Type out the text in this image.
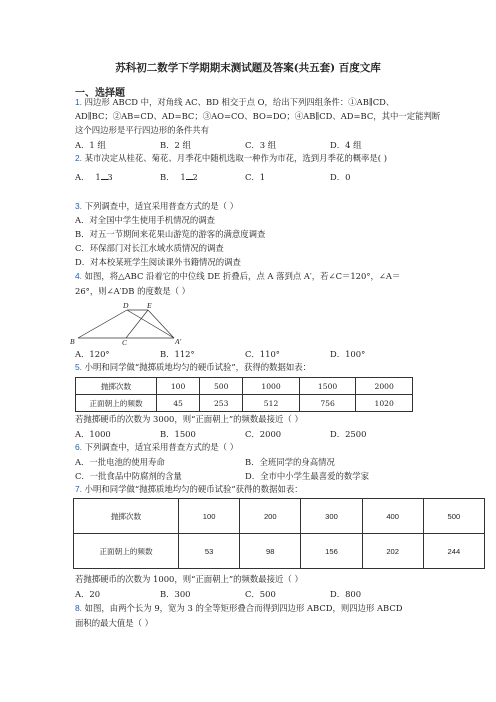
苏科初二数学下学期期末测试题及答案(共五套) 百度文库
一、选择题
1. 四边形 ABCD 中，对角线 AC、BD 相交于点 O，给出下列四组条件：①AB∥CD、
AD∥BC；②AB=CD、AD=BC；③AO=CO、BO=DO；④AB∥CD、AD=BC，其中一定能判断
这个四边形是平行四边形的条件共有
A．1 组	B．2 组	C．3 组	D．4 组
2. 某市决定从桂花、菊花、月季花中随机选取一种作为市花，选到月季花的概率是( )
A． 1 3	B． 1 2	C．1	D．0
3. 下列调查中，适宜采用普查方式的是（ ）
A．对全国中学生使用手机情况的调查
B．对五一节期间来花果山游览的游客的满意度调查
C．环保部门对长江水域水质情况的调查
D．对本校某班学生阅读课外书籍情况的调查
4. 如图，将△ABC 沿着它的中位线 DE 折叠后，点 A 落到点 A′，若∠C＝120°，∠A＝
26°，则∠A′DB 的度数是（ ）
D E
B	C	A′
A．120°	B．112°	C．110°	D．100°
5. 小明和同学做“抛掷质地均匀的硬币试验”，获得的数据如表：
抛掷次数	100	500	1000	1500	2000
正面朝上的频数	45	253	512	756	1020
若抛掷硬币的次数为 3000，则“正面朝上”的频数最接近（ ）
A．1000	B．1500	C．2000	D．2500
6. 下列调查中，适宜采用普查方式的是（ ）
A．一批电池的使用寿命	B．全班同学的身高情况
C．一批食品中防腐剂的含量	D．全市中小学生最喜爱的数学家
7. 小明和同学做“抛掷质地均匀的硬币试验”获得的数据如表：
抛掷次数	100	200	300	400	500
正面朝上的频数	53	98	156	202	244
若抛掷硬币的次数为 1000，则“正面朝上”的频数最接近（ ）
A．20	B．300	C．500	D．800
8. 如图，由两个长为 9，宽为 3 的全等矩形叠合而得到四边形 ABCD，则四边形 ABCD
面积的最大值是（ ）
